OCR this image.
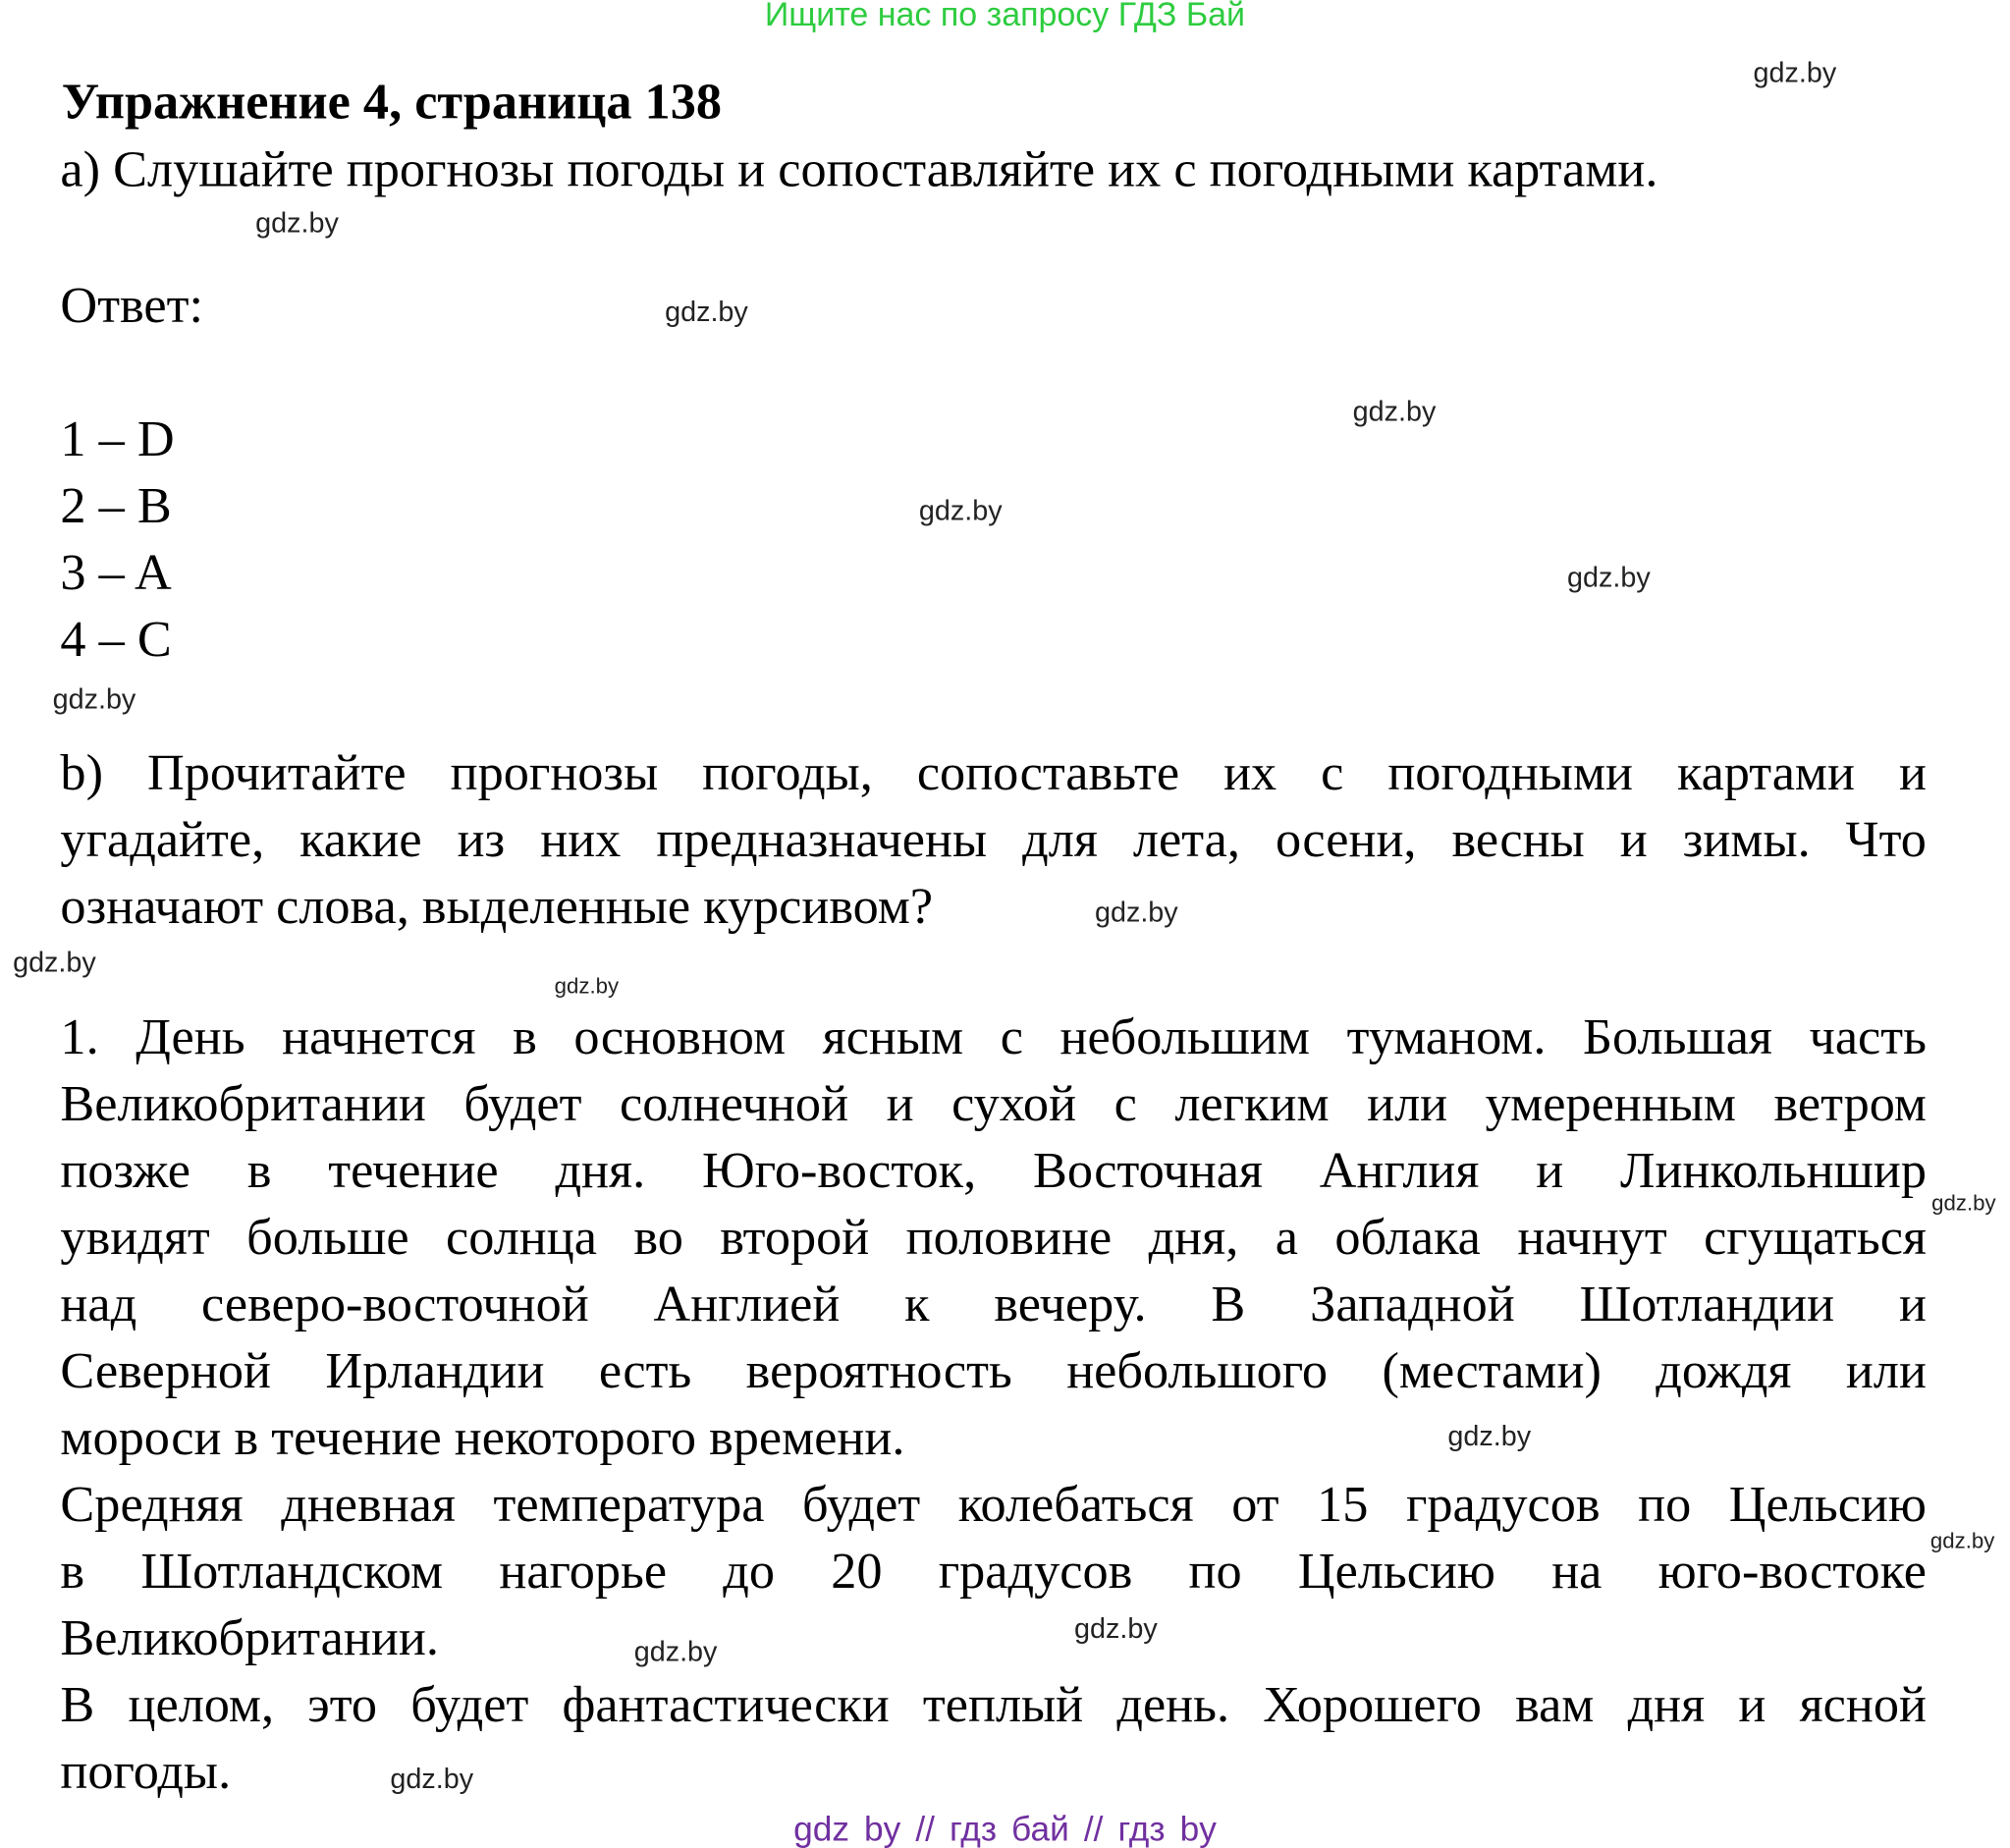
Ищите нас по запросу ГДЗ Бай
Упражнение 4, страница 138
a) Слушайте прогнозы погоды и сопоставляйте их с погодными картами.
Ответ:
1 – D
2 – B
3 – A
4 – C
b) Прочитайте прогнозы погоды, сопоставьте их с погодными картами и
угадайте, какие из них предназначены для лета, осени, весны и зимы. Что
означают слова, выделенные курсивом?
1. День начнется в основном ясным с небольшим туманом. Большая часть
Великобритании будет солнечной и сухой с легким или умеренным ветром
позже в течение дня. Юго-восток, Восточная Англия и Линкольншир
увидят больше солнца во второй половине дня, а облака начнут сгущаться
над северо-восточной Англией к вечеру. В Западной Шотландии и
Северной Ирландии есть вероятность небольшого (местами) дождя или
мороси в течение некоторого времени.
Средняя дневная температура будет колебаться от 15 градусов по Цельсию
в Шотландском нагорье до 20 градусов по Цельсию на юго-востоке
Великобритании.
В целом, это будет фантастически теплый день. Хорошего вам дня и ясной
погоды.
gdz.by
gdz.by
gdz.by
gdz.by
gdz.by
gdz.by
gdz.by
gdz.by
gdz.by
gdz.by
gdz.by
gdz.by
gdz.by
gdz.by
gdz.by
gdz.by
gdz by // гдз бай // гдз by
